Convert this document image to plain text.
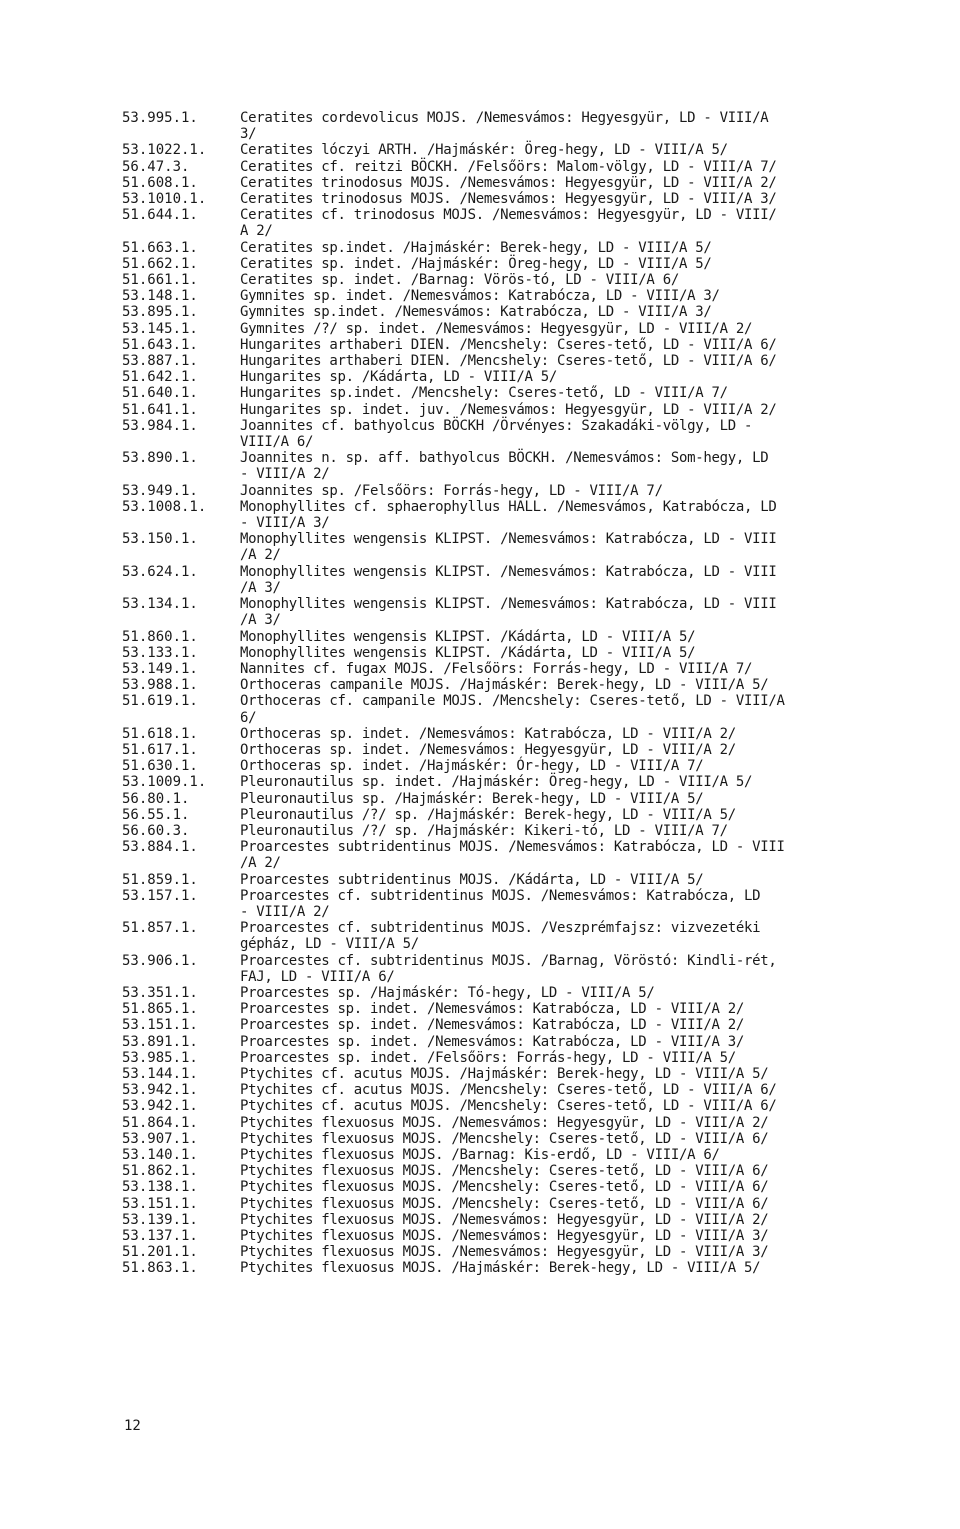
53.995.1.	Ceratites cordevolicus MOJS. /Nemesvámos: Hegyesgyür, LD - VIII/A
3/
53.1022.1.	Ceratites lóczyi ARTH. /Hajmáskér: Öreg-hegy, LD - VIII/A 5/
56.47.3.	Ceratites cf. reitzi BÖCKH. /Felsőörs: Malom-völgy, LD - VIII/A 7/
51.608.1.	Ceratites trinodosus MOJS. /Nemesvámos: Hegyesgyür, LD - VIII/A 2/
53.1010.1.	Ceratites trinodosus MOJS. /Nemesvámos: Hegyesgyür, LD - VIII/A 3/
51.644.1.	Ceratites cf. trinodosus MOJS. /Nemesvámos: Hegyesgyür, LD - VIII/
A 2/
51.663.1.	Ceratites sp.indet. /Hajmáskér: Berek-hegy, LD - VIII/A 5/
51.662.1.	Ceratites sp. indet. /Hajmáskér: Öreg-hegy, LD - VIII/A 5/
51.661.1.	Ceratites sp. indet. /Barnag: Vörös-tó, LD - VIII/A 6/
53.148.1.	Gymnites sp. indet. /Nemesvámos: Katrabócza, LD - VIII/A 3/
53.895.1.	Gymnites sp.indet. /Nemesvámos: Katrabócza, LD - VIII/A 3/
53.145.1.	Gymnites /?/ sp. indet. /Nemesvámos: Hegyesgyür, LD - VIII/A 2/
51.643.1.	Hungarites arthaberi DIEN. /Mencshely: Cseres-tető, LD - VIII/A 6/
53.887.1.	Hungarites arthaberi DIEN. /Mencshely: Cseres-tető, LD - VIII/A 6/
51.642.1.	Hungarites sp. /Kádárta, LD - VIII/A 5/
51.640.1.	Hungarites sp.indet. /Mencshely: Cseres-tető, LD - VIII/A 7/
51.641.1.	Hungarites sp. indet. juv. /Nemesvámos: Hegyesgyür, LD - VIII/A 2/
53.984.1.	Joannites cf. bathyolcus BÖCKH /Örvényes: Szakadáki-völgy, LD -
VIII/A 6/
53.890.1.	Joannites n. sp. aff. bathyolcus BÖCKH. /Nemesvámos: Som-hegy, LD
- VIII/A 2/
53.949.1.	Joannites sp. /Felsőörs: Forrás-hegy, LD - VIII/A 7/
53.1008.1.	Monophyllites cf. sphaerophyllus HALL. /Nemesvámos, Katrabócza, LD
- VIII/A 3/
53.150.1.	Monophyllites wengensis KLIPST. /Nemesvámos: Katrabócza, LD - VIII
/A 2/
53.624.1.	Monophyllites wengensis KLIPST. /Nemesvámos: Katrabócza, LD - VIII
/A 3/
53.134.1.	Monophyllites wengensis KLIPST. /Nemesvámos: Katrabócza, LD - VIII
/A 3/
51.860.1.	Monophyllites wengensis KLIPST. /Kádárta, LD - VIII/A 5/
53.133.1.	Monophyllites wengensis KLIPST. /Kádárta, LD - VIII/A 5/
53.149.1.	Nannites cf. fugax MOJS. /Felsőörs: Forrás-hegy, LD - VIII/A 7/
53.988.1.	Orthoceras campanile MOJS. /Hajmáskér: Berek-hegy, LD - VIII/A 5/
51.619.1.	Orthoceras cf. campanile MOJS. /Mencshely: Cseres-tető, LD - VIII/A
6/
51.618.1.	Orthoceras sp. indet. /Nemesvámos: Katrabócza, LD - VIII/A 2/
51.617.1.	Orthoceras sp. indet. /Nemesvámos: Hegyesgyür, LD - VIII/A 2/
51.630.1.	Orthoceras sp. indet. /Hajmáskér: Ór-hegy, LD - VIII/A 7/
53.1009.1.	Pleuronautilus sp. indet. /Hajmáskér: Öreg-hegy, LD - VIII/A 5/
56.80.1.	Pleuronautilus sp. /Hajmáskér: Berek-hegy, LD - VIII/A 5/
56.55.1.	Pleuronautilus /?/ sp. /Hajmáskér: Berek-hegy, LD - VIII/A 5/
56.60.3.	Pleuronautilus /?/ sp. /Hajmáskér: Kikeri-tó, LD - VIII/A 7/
53.884.1.	Proarcestes subtridentinus MOJS. /Nemesvámos: Katrabócza, LD - VIII
/A 2/
51.859.1.	Proarcestes subtridentinus MOJS. /Kádárta, LD - VIII/A 5/
53.157.1.	Proarcestes cf. subtridentinus MOJS. /Nemesvámos: Katrabócza, LD
- VIII/A 2/
51.857.1.	Proarcestes cf. subtridentinus MOJS. /Veszprémfajsz: vizvezetéki
gépház, LD - VIII/A 5/
53.906.1.	Proarcestes cf. subtridentinus MOJS. /Barnag, Vöröstó: Kindli-rét,
FAJ, LD - VIII/A 6/
53.351.1.	Proarcestes sp. /Hajmáskér: Tó-hegy, LD - VIII/A 5/
51.865.1.	Proarcestes sp. indet. /Nemesvámos: Katrabócza, LD - VIII/A 2/
53.151.1.	Proarcestes sp. indet. /Nemesvámos: Katrabócza, LD - VIII/A 2/
53.891.1.	Proarcestes sp. indet. /Nemesvámos: Katrabócza, LD - VIII/A 3/
53.985.1.	Proarcestes sp. indet. /Felsőörs: Forrás-hegy, LD - VIII/A 5/
53.144.1.	Ptychites cf. acutus MOJS. /Hajmáskér: Berek-hegy, LD - VIII/A 5/
53.942.1.	Ptychites cf. acutus MOJS. /Mencshely: Cseres-tető, LD - VIII/A 6/
53.942.1.	Ptychites cf. acutus MOJS. /Mencshely: Cseres-tető, LD - VIII/A 6/
51.864.1.	Ptychites flexuosus MOJS. /Nemesvámos: Hegyesgyür, LD - VIII/A 2/
53.907.1.	Ptychites flexuosus MOJS. /Mencshely: Cseres-tető, LD - VIII/A 6/
53.140.1.	Ptychites flexuosus MOJS. /Barnag: Kis-erdő, LD - VIII/A 6/
51.862.1.	Ptychites flexuosus MOJS. /Mencshely: Cseres-tető, LD - VIII/A 6/
53.138.1.	Ptychites flexuosus MOJS. /Mencshely: Cseres-tető, LD - VIII/A 6/
53.151.1.	Ptychites flexuosus MOJS. /Mencshely: Cseres-tető, LD - VIII/A 6/
53.139.1.	Ptychites flexuosus MOJS. /Nemesvámos: Hegyesgyür, LD - VIII/A 2/
53.137.1.	Ptychites flexuosus MOJS. /Nemesvámos: Hegyesgyür, LD - VIII/A 3/
51.201.1.	Ptychites flexuosus MOJS. /Nemesvámos: Hegyesgyür, LD - VIII/A 3/
51.863.1.	Ptychites flexuosus MOJS. /Hajmáskér: Berek-hegy, LD - VIII/A 5/
12
